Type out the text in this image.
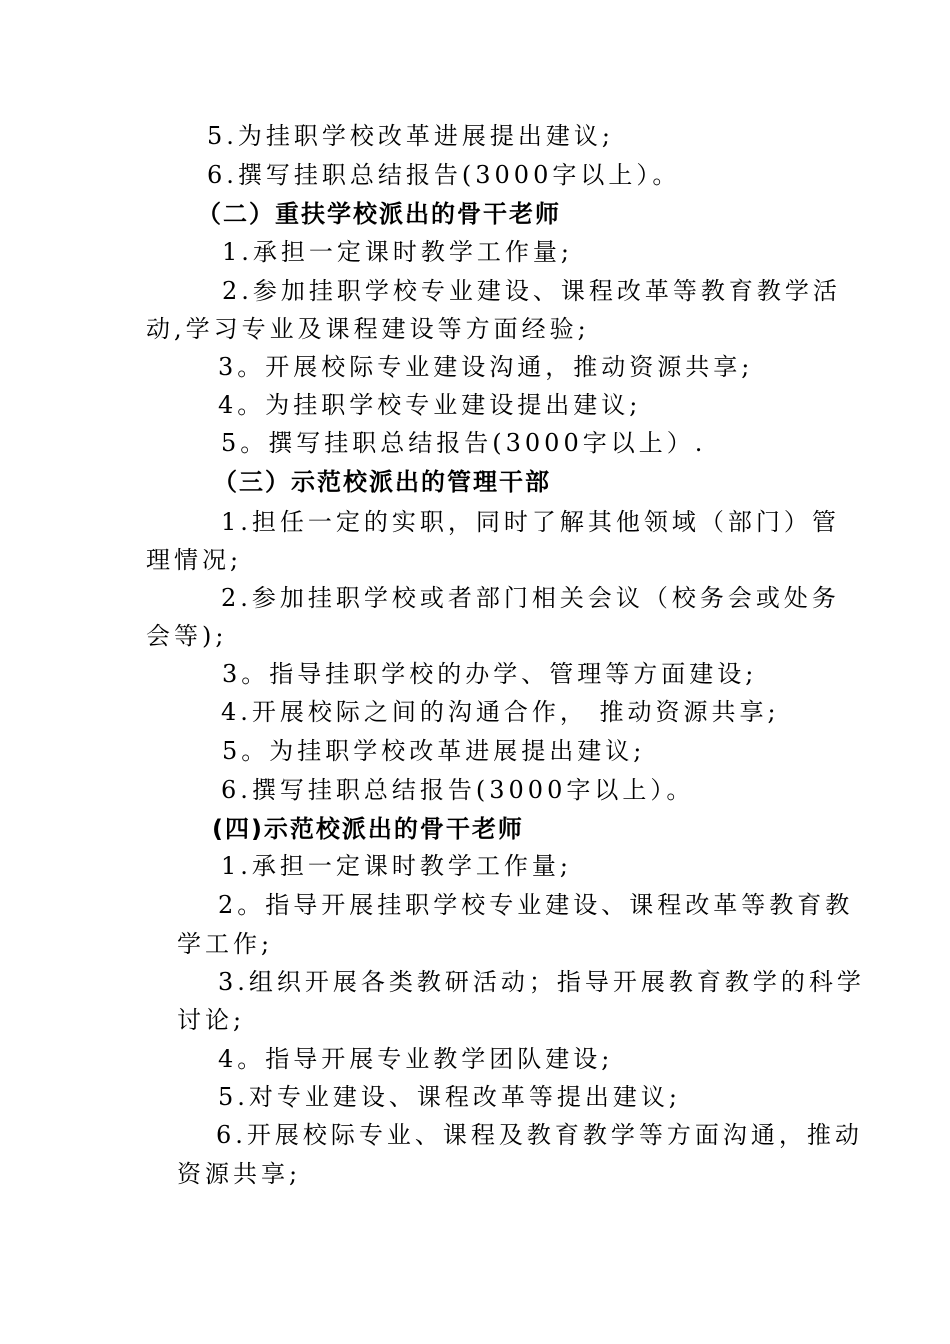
5.为挂职学校改革进展提出建议;
6.撰写挂职总结报告(3000字以上）。
（二）重扶学校派出的骨干老师
1.承担一定课时教学工作量;
2.参加挂职学校专业建设、课程改革等教育教学活
动,学习专业及课程建设等方面经验;
3。开展校际专业建设沟通，推动资源共享;
4。为挂职学校专业建设提出建议;
5。撰写挂职总结报告(3000字以上）.
（三）示范校派出的管理干部
1.担任一定的实职，同时了解其他领域（部门）管
理情况;
2.参加挂职学校或者部门相关会议（校务会或处务
会等);
3。指导挂职学校的办学、管理等方面建设;
4.开展校际之间的沟通合作， 推动资源共享;
5。为挂职学校改革进展提出建议;
6.撰写挂职总结报告(3000字以上）。
(四)示范校派出的骨干老师
1.承担一定课时教学工作量;
2。指导开展挂职学校专业建设、课程改革等教育教
学工作;
3.组织开展各类教研活动；指导开展教育教学的科学
讨论;
4。指导开展专业教学团队建设;
5.对专业建设、课程改革等提出建议;
6.开展校际专业、课程及教育教学等方面沟通，推动
资源共享;
